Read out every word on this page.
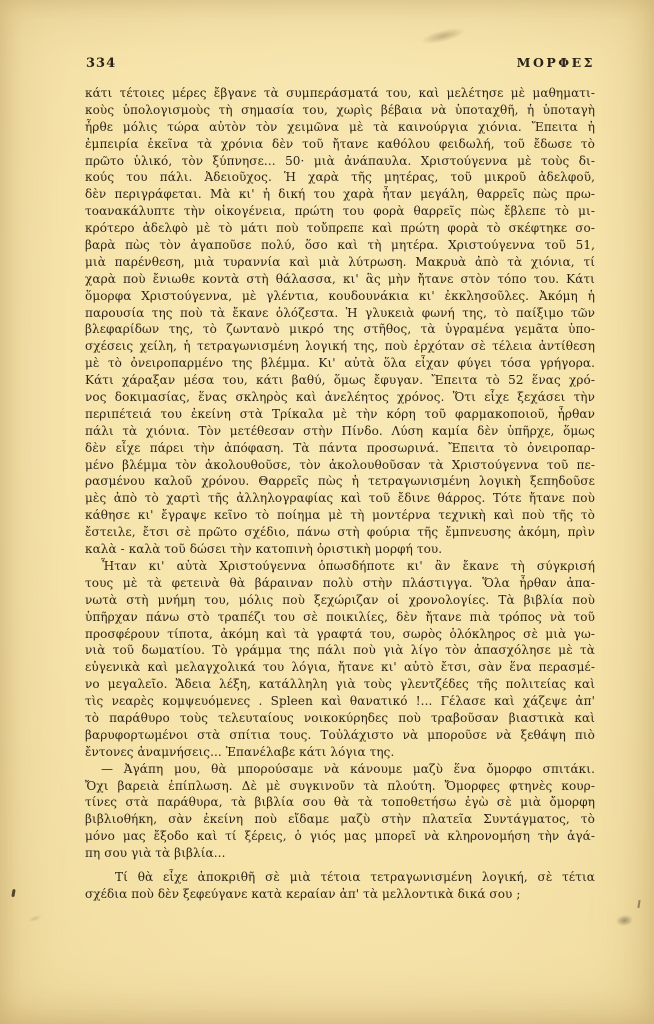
334	ΜΟΡΦΕΣ
κάτι τέτοιες μέρες ἔβγανε τὰ συμπεράσματά του, καὶ μελέτησε μὲ μαθηματι-
κοὺς ὑπολογισμοὺς τὴ σημασία του, χωρὶς βέβαια νὰ ὑποταχθῆ, ἡ ὑποταγὴ
ἦρθε μόλις τώρα αὐτὸν τὸν χειμῶνα μὲ τὰ καινούργια χιόνια. Ἔπειτα ἡ
ἐμπειρία ἐκεῖνα τὰ χρόνια δὲν τοῦ ἤτανε καθόλου φειδωλή, τοῦ ἔδωσε τὸ
πρῶτο ὑλικό, τὸν ξύπνησε... 50· μιὰ ἀνάπαυλα. Χριστούγεννα μὲ τοὺς δι-
κούς του πάλι. Ἀδειοῦχος. Ἡ χαρὰ τῆς μητέρας, τοῦ μικροῦ ἀδελφοῦ,
δὲν περιγράφεται. Μὰ κι' ἡ δική του χαρὰ ἦταν μεγάλη, θαρρεῖς πὼς πρω-
τοανακάλυπτε τὴν οἰκογένεια, πρώτη του φορὰ θαρρεῖς πὼς ἔβλεπε τὸ μι-
κρότερο ἀδελφὸ μὲ τὸ μάτι ποὺ τοὔπρεπε καὶ πρώτη φορὰ τὸ σκέφτηκε σο-
βαρὰ πὼς τὸν ἀγαποῦσε πολύ, ὅσο καὶ τὴ μητέρα. Χριστούγεννα τοῦ 51,
μιὰ παρένθεση, μιὰ τυραννία καὶ μιὰ λύτρωση. Μακρυὰ ἀπὸ τὰ χιόνια, τί
χαρὰ ποὺ ἔνιωθε κοντὰ στὴ θάλασσα, κι' ἃς μὴν ἤτανε στὸν τόπο του. Κάτι
ὅμορφα Χριστούγεννα, μὲ γλέντια, κουδουνάκια κι' ἐκκλησοῦλες. Ἀκόμη ἡ
παρουσία της ποὺ τὰ ἔκανε ὁλόζεστα. Ἡ γλυκειὰ φωνή της, τὸ παίξιμο τῶν
βλεφαρίδων της, τὸ ζωντανὸ μικρό της στῆθος, τὰ ὑγραμένα γεμᾶτα ὑπο-
σχέσεις χείλη, ἡ τετραγωνισμένη λογική της, ποὺ ἐρχόταν σὲ τέλεια ἀντίθεση
μὲ τὸ ὀνειροπαρμένο της βλέμμα. Κι' αὐτὰ ὅλα εἶχαν φύγει τόσα γρήγορα.
Κάτι χάραξαν μέσα του, κάτι βαθύ, ὅμως ἔφυγαν. Ἔπειτα τὸ 52 ἕνας χρό-
νος δοκιμασίας, ἕνας σκληρὸς καὶ ἀνελέητος χρόνος. Ὅτι εἶχε ξεχάσει τὴν
περιπέτειά του ἐκείνη στὰ Τρίκαλα μὲ τὴν κόρη τοῦ φαρμακοποιοῦ, ἦρθαν
πάλι τὰ χιόνια. Τὸν μετέθεσαν στὴν Πίνδο. Λύση καμία δὲν ὑπῆρχε, ὅμως
δὲν εἶχε πάρει τὴν ἀπόφαση. Τὰ πάντα προσωρινά. Ἔπειτα τὸ ὀνειροπαρ-
μένο βλέμμα τὸν ἀκολουθοῦσε, τὸν ἀκολουθοῦσαν τὰ Χριστούγεννα τοῦ πε-
ρασμένου καλοῦ χρόνου. Θαρρεῖς πὼς ἡ τετραγωνισμένη λογικὴ ξεπηδοῦσε
μὲς ἀπὸ τὸ χαρτὶ τῆς ἀλληλογραφίας καὶ τοῦ ἔδινε θάρρος. Τότε ἤτανε ποὺ
κάθησε κι' ἔγραψε κεῖνο τὸ ποίημα μὲ τὴ μοντέρνα τεχνικὴ καὶ ποὺ τῆς τὸ
ἔστειλε, ἔτσι σὲ πρῶτο σχέδιο, πάνω στὴ φούρια τῆς ἔμπνευσης ἀκόμη, πρὶν
καλὰ - καλὰ τοῦ δώσει τὴν κατοπινὴ ὁριστικὴ μορφή του.
Ἦταν κι' αὐτὰ Χριστούγεννα ὁπωσδήποτε κι' ἂν ἔκανε τὴ σύγκρισή
τους μὲ τὰ φετεινὰ θὰ βάραιναν πολὺ στὴν πλάστιγγα. Ὅλα ἦρθαν ἁπα-
νωτὰ στὴ μνήμη του, μόλις ποὺ ξεχώριζαν οἱ χρονολογίες. Τὰ βιβλία ποὺ
ὑπῆρχαν πάνω στὸ τραπέζι του σὲ ποικιλίες, δὲν ἤτανε πιὰ τρόπος νὰ τοῦ
προσφέρουν τίποτα, ἀκόμη καὶ τὰ γραφτά του, σωρὸς ὁλόκληρος σὲ μιὰ γω-
νιὰ τοῦ δωματίου. Τὸ γράμμα της πάλι ποὺ γιὰ λίγο τὸν ἀπασχόλησε μὲ τὰ
εὐγενικὰ καὶ μελαγχολικά του λόγια, ἤτανε κι' αὐτὸ ἔτσι, σὰν ἕνα περασμέ-
νο μεγαλεῖο. Ἄδεια λέξη, κατάλληλη γιὰ τοὺς γλεντζέδες τῆς πολιτείας καὶ
τὶς νεαρὲς κομψευόμενες . Spleen καὶ θανατικό !... Γέλασε καὶ χάζεψε ἀπ'
τὸ παράθυρο τοὺς τελευταίους νοικοκύρηδες ποὺ τραβοῦσαν βιαστικὰ καὶ
βαρυφορτωμένοι στὰ σπίτια τους. Τοὐλάχιστο νὰ μποροῦσε νὰ ξεθάψη πιὸ
ἔντονες ἀναμνήσεις... Ἐπανέλαβε κάτι λόγια της.
— Ἀγάπη μου, θὰ μπορούσαμε νὰ κάνουμε μαζὺ ἕνα ὄμορφο σπιτάκι.
Ὄχι βαρειὰ ἐπίπλωση. Δὲ μὲ συγκινοῦν τὰ πλούτη. Ὄμορφες φτηνὲς κουρ-
τίνες στὰ παράθυρα, τὰ βιβλία σου θὰ τὰ τοποθετήσω ἐγὼ σὲ μιὰ ὄμορφη
βιβλιοθήκη, σὰν ἐκείνη ποὺ εἴδαμε μαζὺ στὴν πλατεῖα Συντάγματος, τὸ
μόνο μας ἔξοδο καὶ τί ξέρεις, ὁ γιός μας μπορεῖ νὰ κληρονομήση τὴν ἀγά-
πη σου γιὰ τὰ βιβλία...
Τί θὰ εἶχε ἀποκριθῆ σὲ μιὰ τέτοια τετραγωνισμένη λογική, σὲ τέτια
σχέδια ποὺ δὲν ξεφεύγανε κατὰ κεραίαν ἀπ' τὰ μελλοντικὰ δικά σου ;
